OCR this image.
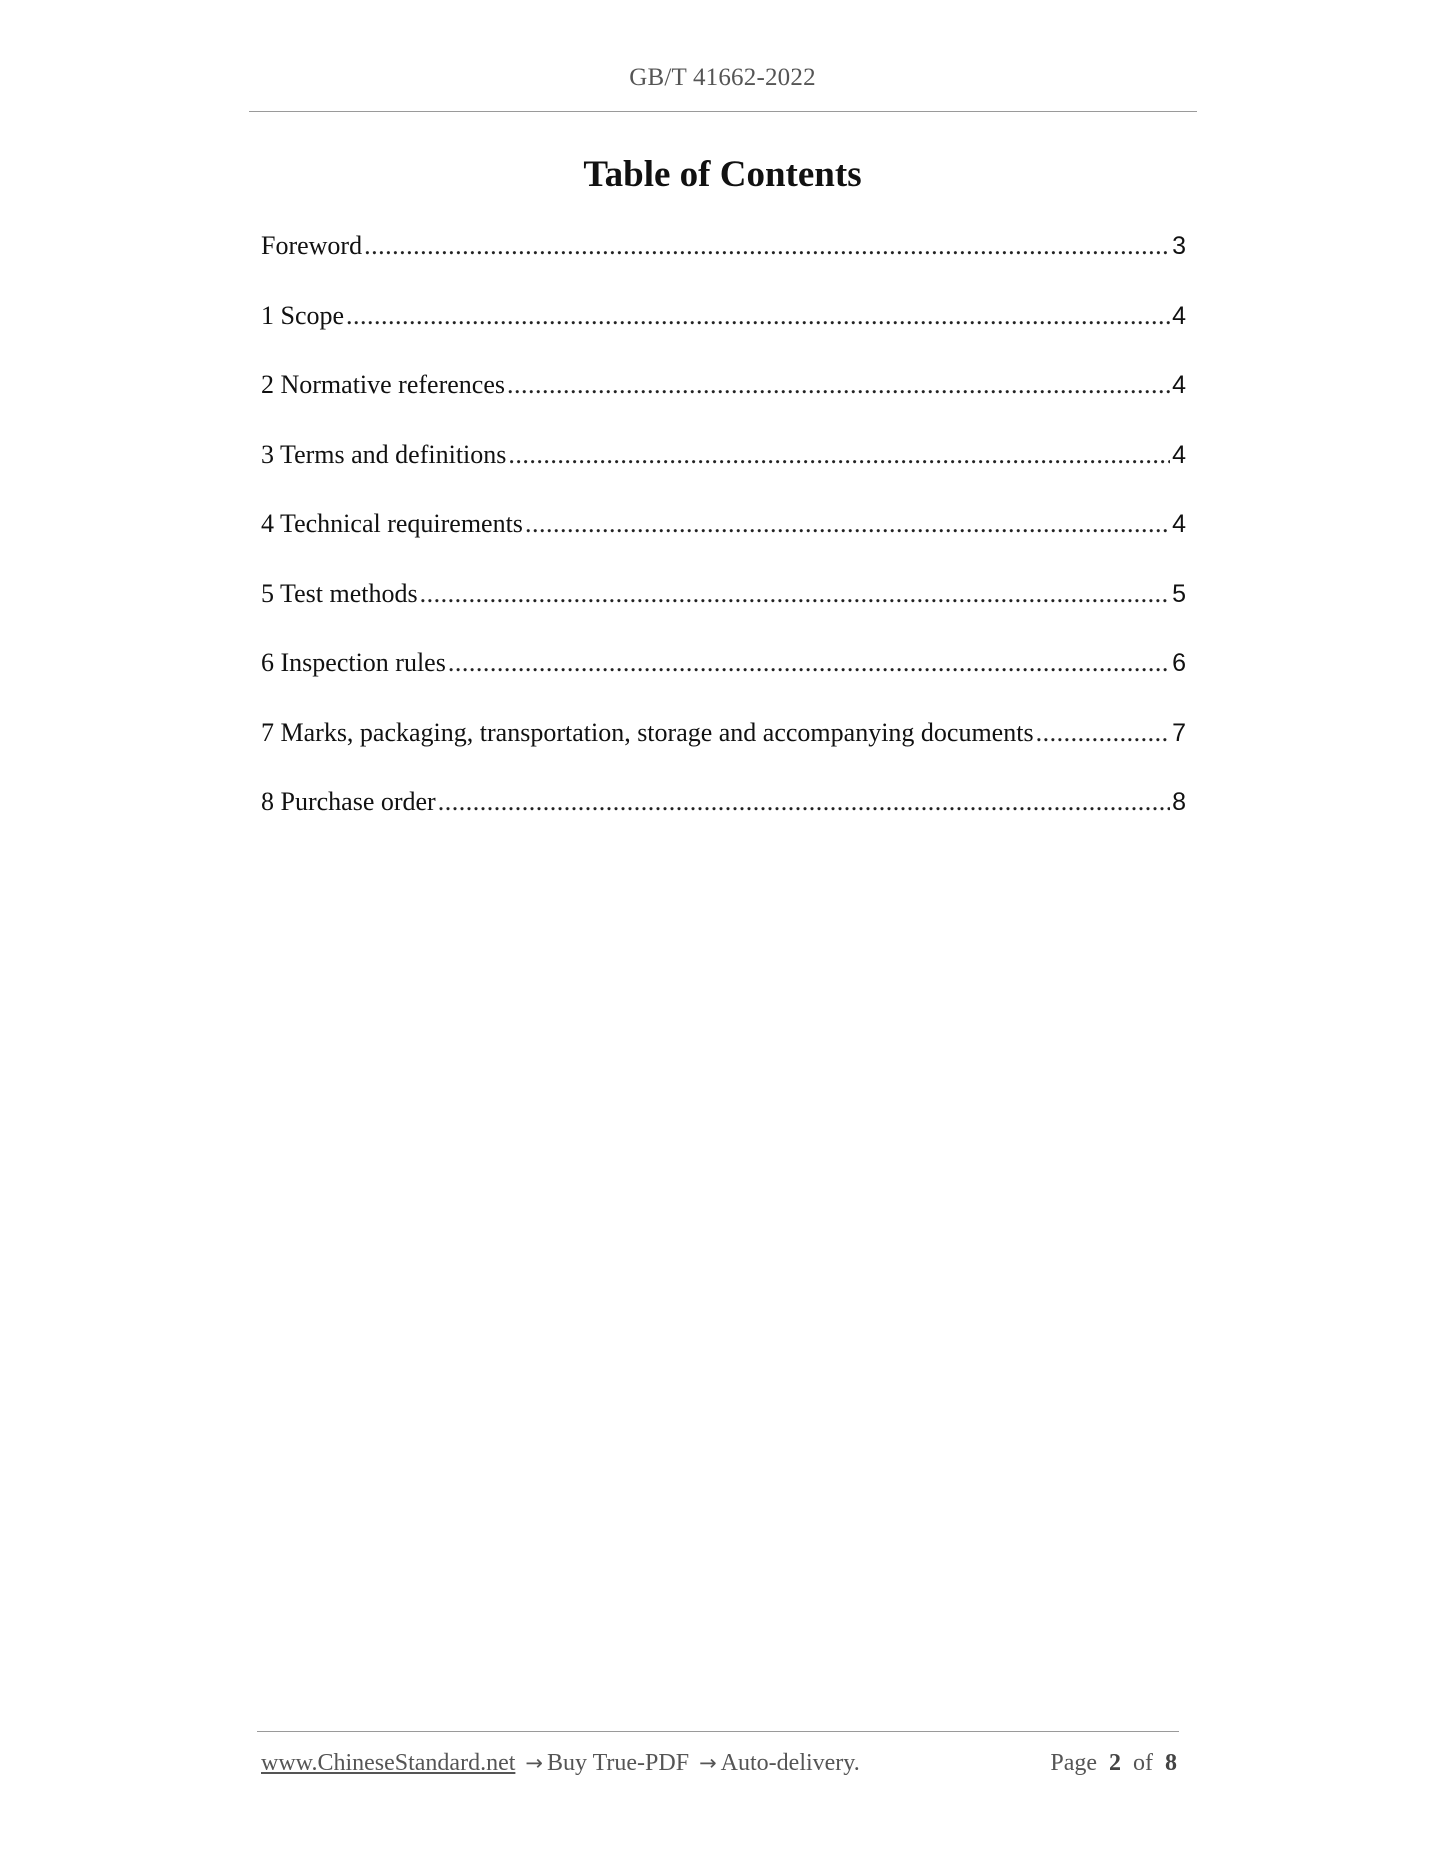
GB/T 41662-2022
Table of Contents
Foreword .....	3
1 Scope .....	4
2 Normative references .....	4
3 Terms and definitions .....	4
4 Technical requirements .....	4
5 Test methods .....	5
6 Inspection rules .....	6
7 Marks, packaging, transportation, storage and accompanying documents .....	7
8 Purchase order .....	8
www.ChineseStandard.net → Buy True-PDF → Auto-delivery.	Page 2 of 8
